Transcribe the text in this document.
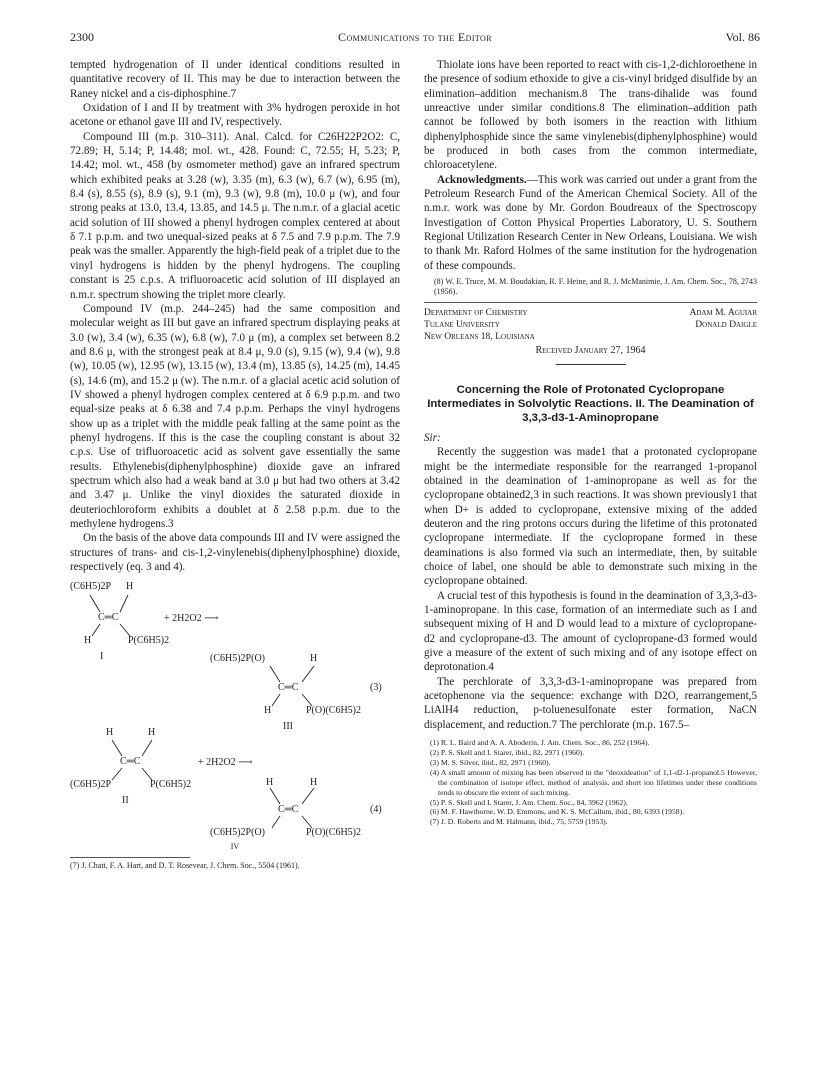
2300	Communications to the Editor	Vol. 86

tempted hydrogenation of II under identical conditions resulted in quantitative recovery of II. This may be due to interaction between the Raney nickel and a cis-diphosphine.7

Oxidation of I and II by treatment with 3% hydrogen peroxide in hot acetone or ethanol gave III and IV, respectively.

Compound III (m.p. 310–311). Anal. Calcd. for C26H22P2O2: C, 72.89; H, 5.14; P, 14.48; mol. wt., 428. Found: C, 72.55; H, 5.23; P, 14.42; mol. wt., 458 (by osmometer method) gave an infrared spectrum which exhibited peaks at 3.28 (w), 3.35 (m), 6.3 (w), 6.7 (w), 6.95 (m), 8.4 (s), 8.55 (s), 8.9 (s), 9.1 (m), 9.3 (w), 9.8 (m), 10.0 μ (w), and four strong peaks at 13.0, 13.4, 13.85, and 14.5 μ. The n.m.r. of a glacial acetic acid solution of III showed a phenyl hydrogen complex centered at about δ 7.1 p.p.m. and two unequal-sized peaks at δ 7.5 and 7.9 p.p.m. The 7.9 peak was the smaller. Apparently the high-field peak of a triplet due to the vinyl hydrogens is hidden by the phenyl hydrogens. The coupling constant is 25 c.p.s. A trifluoroacetic acid solution of III displayed an n.m.r. spectrum showing the triplet more clearly.

Compound IV (m.p. 244–245) had the same composition and molecular weight as III but gave an infrared spectrum displaying peaks at 3.0 (w), 3.4 (w), 6.35 (w), 6.8 (w), 7.0 μ (m), a complex set between 8.2 and 8.6 μ, with the strongest peak at 8.4 μ, 9.0 (s), 9.15 (w), 9.4 (w), 9.8 (w), 10.05 (w), 12.95 (w), 13.15 (w), 13.4 (m), 13.85 (s), 14.25 (m), 14.45 (s), 14.6 (m), and 15.2 μ (w). The n.m.r. of a glacial acetic acid solution of IV showed a phenyl hydrogen complex centered at δ 6.9 p.p.m. and two equal-size peaks at δ 6.38 and 7.4 p.p.m. Perhaps the vinyl hydrogens show up as a triplet with the middle peak falling at the same point as the phenyl hydrogens. If this is the case the coupling constant is about 32 c.p.s. Use of trifluoroacetic acid as solvent gave essentially the same results. Ethylenebis(diphenylphosphine) dioxide gave an infrared spectrum which also had a weak band at 3.0 μ but had two others at 3.42 and 3.47 μ. Unlike the vinyl dioxides the saturated dioxide in deuteriochloroform exhibits a doublet at δ 2.58 p.p.m. due to the methylene hydrogens.3

On the basis of the above data compounds III and IV were assigned the structures of trans- and cis-1,2-vinylenebis(diphenylphosphine) dioxide, respectively (eq. 3 and 4).

(C6H5)2P H
C═C	+ 2H2O2 ⟶
H	P(C6H5)2
I	(C6H5)2P(O)	H
C═C	(3)
H	P(O)(C6H5)2
III
H	H
C═C	+ 2H2O2 ⟶
(C6H5)2P	P(C6H5)2
II
H	H
C═C	(4)
(C6H5)2P(O)	P(O)(C6H5)2
IV
(7) J. Chatt, F. A. Hart, and D. T. Rosevear, J. Chem. Soc., 5504 (1961).

Thiolate ions have been reported to react with cis-1,2-dichloroethene in the presence of sodium ethoxide to give a cis-vinyl bridged disulfide by an elimination–addition mechanism.8 The trans-dihalide was found unreactive under similar conditions.8 The elimination–addition path cannot be followed by both isomers in the reaction with lithium diphenylphosphide since the same vinylenebis(diphenylphosphine) would be produced in both cases from the common intermediate, chloroacetylene.

Acknowledgments.—This work was carried out under a grant from the Petroleum Research Fund of the American Chemical Society. All of the n.m.r. work was done by Mr. Gordon Boudreaux of the Spectroscopy Investigation of Cotton Physical Properties Laboratory, U. S. Southern Regional Utilization Research Center in New Orleans, Louisiana. We wish to thank Mr. Raford Holmes of the same institution for the hydrogenation of these compounds.

(8) W. E. Truce, M. M. Boudakian, R. F. Heine, and R. J. McManimie, J. Am. Chem. Soc., 78, 2743 (1956).
Department of Chemistry	Adam M. Aguiar
Tulane University	Donald Daigle
New Orleans 18, Louisiana
Received January 27, 1964
Concerning the Role of Protonated Cyclopropane Intermediates in Solvolytic Reactions. II. The Deamination of 3,3,3-d3-1-Aminopropane

Sir:

Recently the suggestion was made1 that a protonated cyclopropane might be the intermediate responsible for the rearranged 1-propanol obtained in the deamination of 1-aminopropane as well as for the cyclopropane obtained2,3 in such reactions. It was shown previously1 that when D+ is added to cyclopropane, extensive mixing of the added deuteron and the ring protons occurs during the lifetime of this protonated cyclopropane intermediate. If the cyclopropane formed in these deaminations is also formed via such an intermediate, then, by suitable choice of label, one should be able to demonstrate such mixing in the cyclopropane obtained.

A crucial test of this hypothesis is found in the deamination of 3,3,3-d3-1-aminopropane. In this case, formation of an intermediate such as I and subsequent mixing of H and D would lead to a mixture of cyclopropane-d2 and cyclopropane-d3. The amount of cyclopropane-d3 formed would give a measure of the extent of such mixing and of any isotope effect on deprotonation.4

The perchlorate of 3,3,3-d3-1-aminopropane was prepared from acetophenone via the sequence: exchange with D2O, rearrangement,5 LiAlH4 reduction, p-toluenesulfonate ester formation, NaCN displacement, and reduction.7 The perchlorate (m.p. 167.5–

(1) R. L. Baird and A. A. Aboderin, J. Am. Chem. Soc., 86, 252 (1964).
(2) P. S. Skell and I. Starer, ibid., 82, 2971 (1960).
(3) M. S. Silver, ibid., 82, 2971 (1960).
(4) A small amount of mixing has been observed in the "deoxideation" of 1,1-d2-1-propanol.5 However, the combination of isotope effect, method of analysis, and short ion lifetimes under these conditions tends to obscure the extent of such mixing.
(5) P. S. Skell and I. Starer, J. Am. Chem. Soc., 84, 3962 (1962).
(6) M. F. Hawthorne, W. D. Emmons, and K. S. McCallum, ibid., 80, 6393 (1958).
(7) J. D. Roberts and M. Halmann, ibid., 75, 5759 (1953).
